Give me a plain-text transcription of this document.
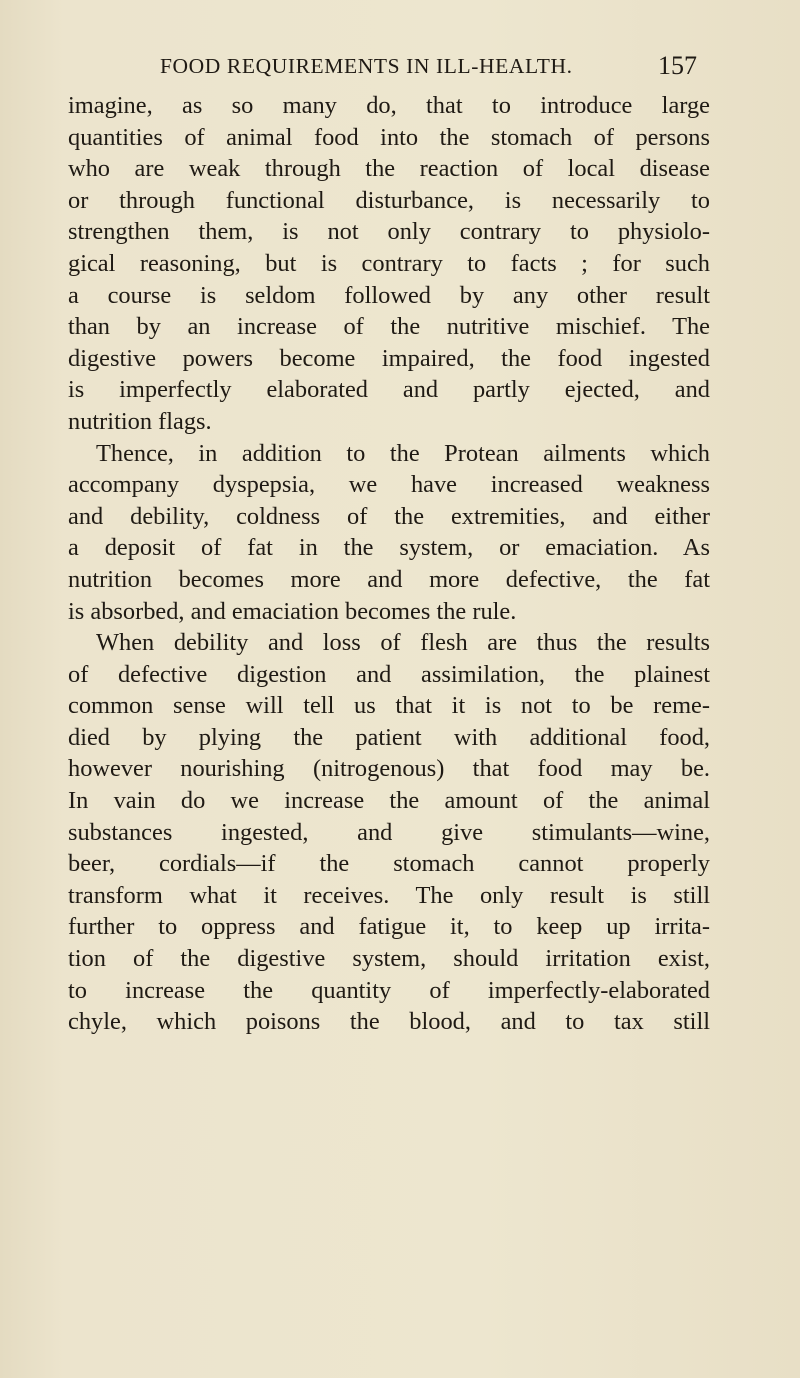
FOOD REQUIREMENTS IN ILL-HEALTH.	157
imagine, as so many do, that to introduce large
quantities of animal food into the stomach of persons
who are weak through the reaction of local disease
or through functional disturbance, is necessarily to
strengthen them, is not only contrary to physiolo-
gical reasoning, but is contrary to facts ; for such
a course is seldom followed by any other result
than by an increase of the nutritive mischief. The
digestive powers become impaired, the food ingested
is imperfectly elaborated and partly ejected, and
nutrition flags.
Thence, in addition to the Protean ailments which
accompany dyspepsia, we have increased weakness
and debility, coldness of the extremities, and either
a deposit of fat in the system, or emaciation. As
nutrition becomes more and more defective, the fat
is absorbed, and emaciation becomes the rule.
When debility and loss of flesh are thus the results
of defective digestion and assimilation, the plainest
common sense will tell us that it is not to be reme-
died by plying the patient with additional food,
however nourishing (nitrogenous) that food may be.
In vain do we increase the amount of the animal
substances ingested, and give stimulants—wine,
beer, cordials—if the stomach cannot properly
transform what it receives. The only result is still
further to oppress and fatigue it, to keep up irrita-
tion of the digestive system, should irritation exist,
to increase the quantity of imperfectly-elaborated
chyle, which poisons the blood, and to tax still
